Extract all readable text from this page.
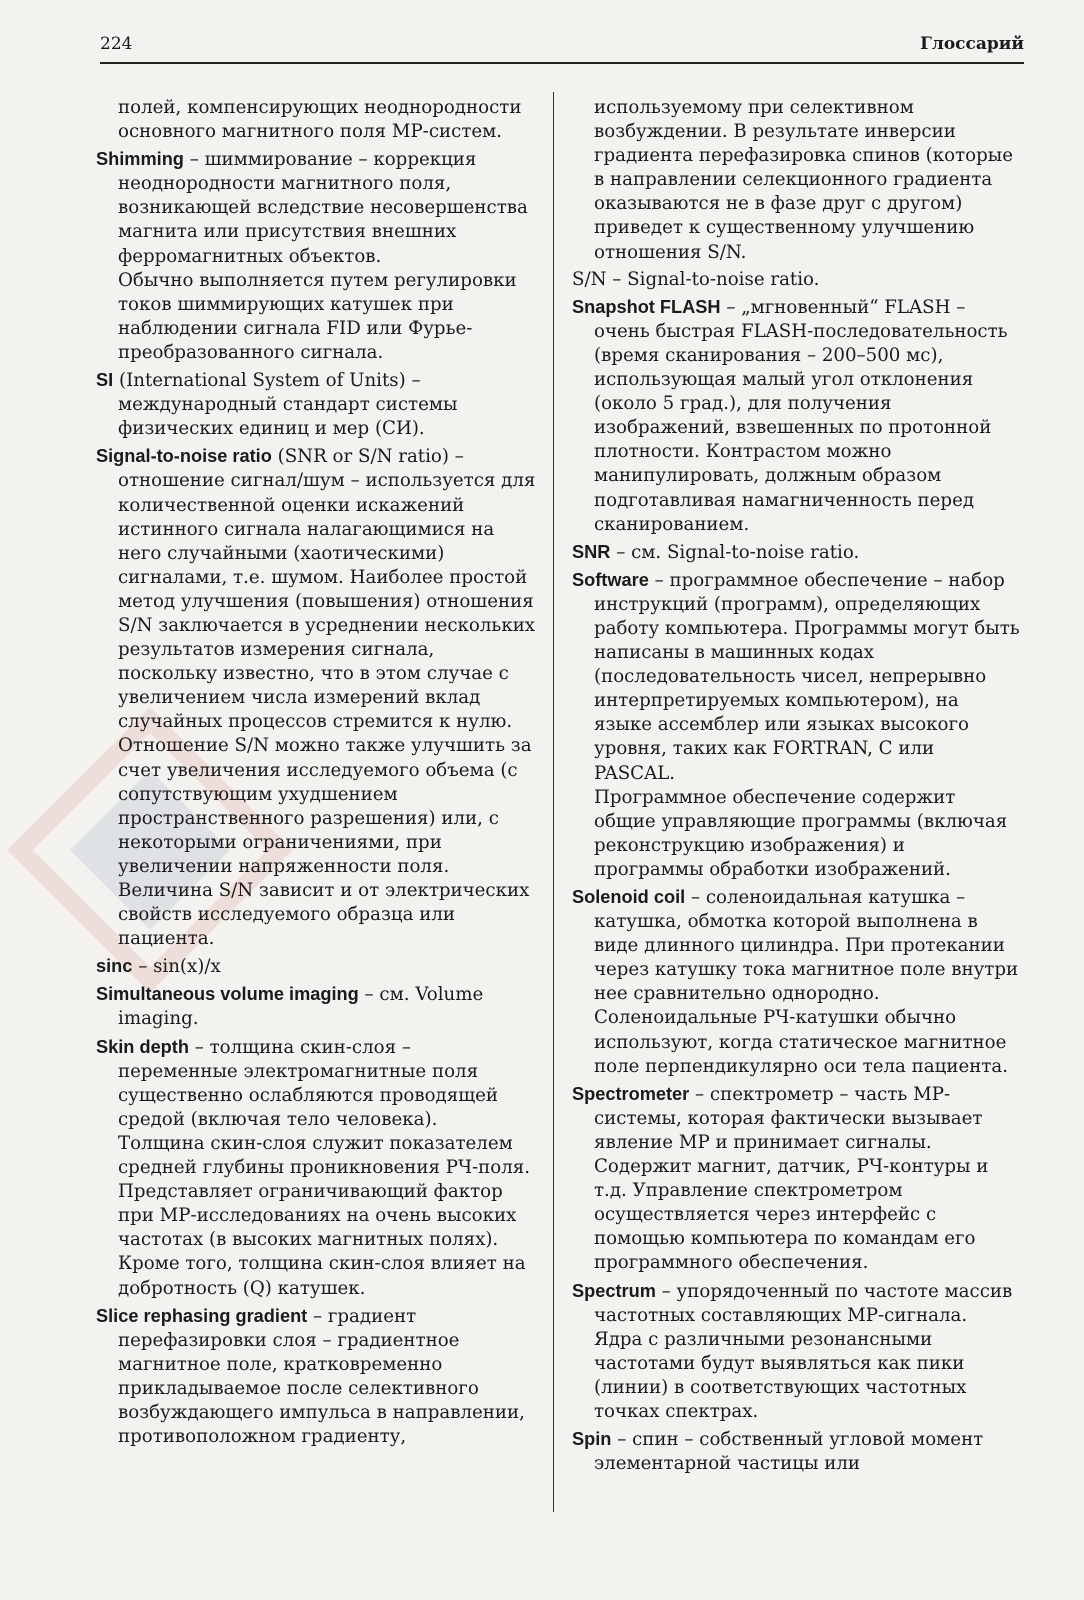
224	Глоссарий

полей, компенсирующих неоднородности основного магнитного поля МР-систем.

Shimming – шиммирование – коррекция неоднородности магнитного поля, возникающей вследствие несовершенства магнита или присутствия внешних ферромагнитных объектов.
Обычно выполняется путем регулировки токов шиммирующих катушек при наблюдении сигнала FID или Фурье-преобразованного сигнала.

SI (International System of Units) – международный стандарт системы физических единиц и мер (СИ).

Signal-to-noise ratio (SNR or S/N ratio) – отношение сигнал/шум – используется для количественной оценки искажений истинного сигнала налагающимися на него случайными (хаотическими) сигналами, т.е. шумом. Наиболее простой метод улучшения (повышения) отношения S/N заключается в усреднении нескольких результатов измерения сигнала, поскольку известно, что в этом случае с увеличением числа измерений вклад случайных процессов стремится к нулю. Отношение S/N можно также улучшить за счет увеличения исследуемого объема (с сопутствующим ухудшением пространственного разрешения) или, с некоторыми ограничениями, при увеличении напряженности поля. Величина S/N зависит и от электрических свойств исследуемого образца или пациента.

sinc – sin(x)/x

Simultaneous volume imaging – см. Volume imaging.

Skin depth – толщина скин-слоя – переменные электромагнитные поля существенно ослабляются проводящей средой (включая тело человека).
Толщина скин-слоя служит показателем средней глубины проникновения РЧ-поля. Представляет ограничивающий фактор при МР-исследованиях на очень высоких частотах (в высоких магнитных полях). Кроме того, толщина скин-слоя влияет на добротность (Q) катушек.

Slice rephasing gradient – градиент перефазировки слоя – градиентное магнитное поле, кратковременно прикладываемое после селективного возбуждающего импульса в направлении, противоположном градиенту,

используемому при селективном возбуждении. В результате инверсии градиента перефазировка спинов (которые в направлении селекционного градиента оказываются не в фазе друг с другом) приведет к существенному улучшению отношения S/N.

S/N – Signal-to-noise ratio.

Snapshot FLASH – „мгновенный“ FLASH – очень быстрая FLASH-последовательность (время сканирования – 200–500 мс), использующая малый угол отклонения (около 5 град.), для получения изображений, взвешенных по протонной плотности. Контрастом можно манипулировать, должным образом подготавливая намагниченность перед сканированием.

SNR – см. Signal-to-noise ratio.

Software – программное обеспечение – набор инструкций (программ), определяющих работу компьютера. Программы могут быть написаны в машинных кодах (последовательность чисел, непрерывно интерпретируемых компьютером), на языке ассемблер или языках высокого уровня, таких как FORTRAN, C или PASCAL.
Программное обеспечение содержит общие управляющие программы (включая реконструкцию изображения) и программы обработки изображений.

Solenoid coil – соленоидальная катушка – катушка, обмотка которой выполнена в виде длинного цилиндра. При протекании через катушку тока магнитное поле внутри нее сравнительно однородно. Соленоидальные РЧ-катушки обычно используют, когда статическое магнитное поле перпендикулярно оси тела пациента.

Spectrometer – спектрометр – часть МР-системы, которая фактически вызывает явление МР и принимает сигналы.
Содержит магнит, датчик, РЧ-контуры и т.д. Управление спектрометром осуществляется через интерфейс с помощью компьютера по командам его программного обеспечения.

Spectrum – упорядоченный по частоте массив частотных составляющих МР-сигнала. Ядра с различными резонансными частотами будут выявляться как пики (линии) в соответствующих частотных точках спектрах.

Spin – спин – собственный угловой момент элементарной частицы или
